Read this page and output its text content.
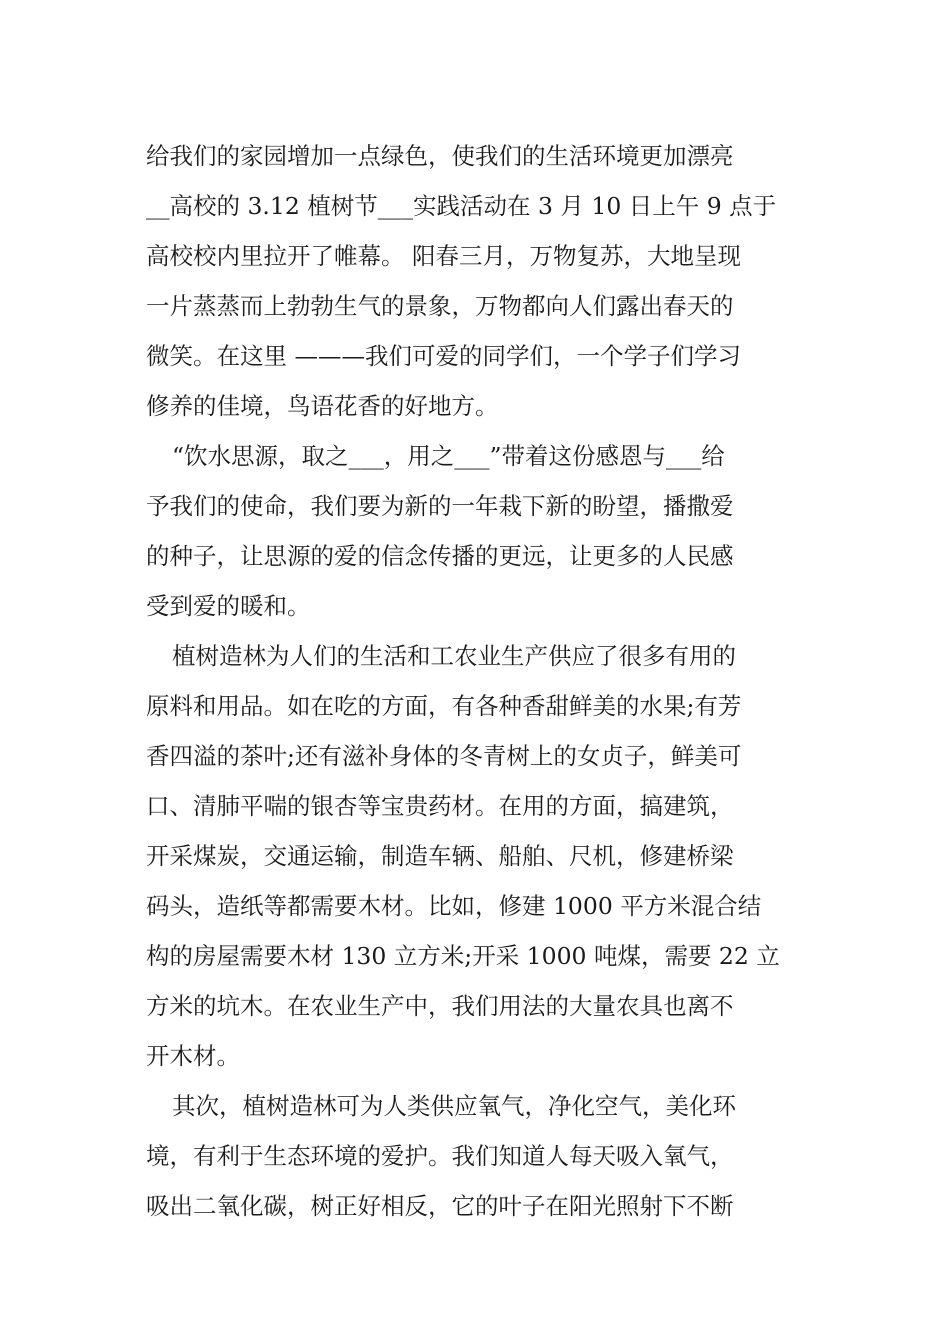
给我们的家园增加一点绿色，使我们的生活环境更加漂亮
__高校的 3.12 植树节___实践活动在 3 月 10 日上午 9 点于
高校校内里拉开了帷幕。 阳春三月，万物复苏，大地呈现
一片蒸蒸而上勃勃生气的景象，万物都向人们露出春天的
微笑。在这里 ———我们可爱的同学们，一个学子们学习
修养的佳境，鸟语花香的好地方。

“饮水思源，取之___，用之___”带着这份感恩与___给
予我们的使命，我们要为新的一年栽下新的盼望，播撒爱
的种子，让思源的爱的信念传播的更远，让更多的人民感
受到爱的暖和。

植树造林为人们的生活和工农业生产供应了很多有用的
原料和用品。如在吃的方面，有各种香甜鲜美的水果;有芳
香四溢的茶叶;还有滋补身体的冬青树上的女贞子，鲜美可
口、清肺平喘的银杏等宝贵药材。在用的方面，搞建筑，
开采煤炭，交通运输，制造车辆、船舶、尺机，修建桥梁
码头，造纸等都需要木材。比如，修建 1000 平方米混合结
构的房屋需要木材 130 立方米;开采 1000 吨煤，需要 22 立
方米的坑木。在农业生产中，我们用法的大量农具也离不
开木材。

其次，植树造林可为人类供应氧气，净化空气，美化环
境，有利于生态环境的爱护。我们知道人每天吸入氧气，
吸出二氧化碳，树正好相反，它的叶子在阳光照射下不断
